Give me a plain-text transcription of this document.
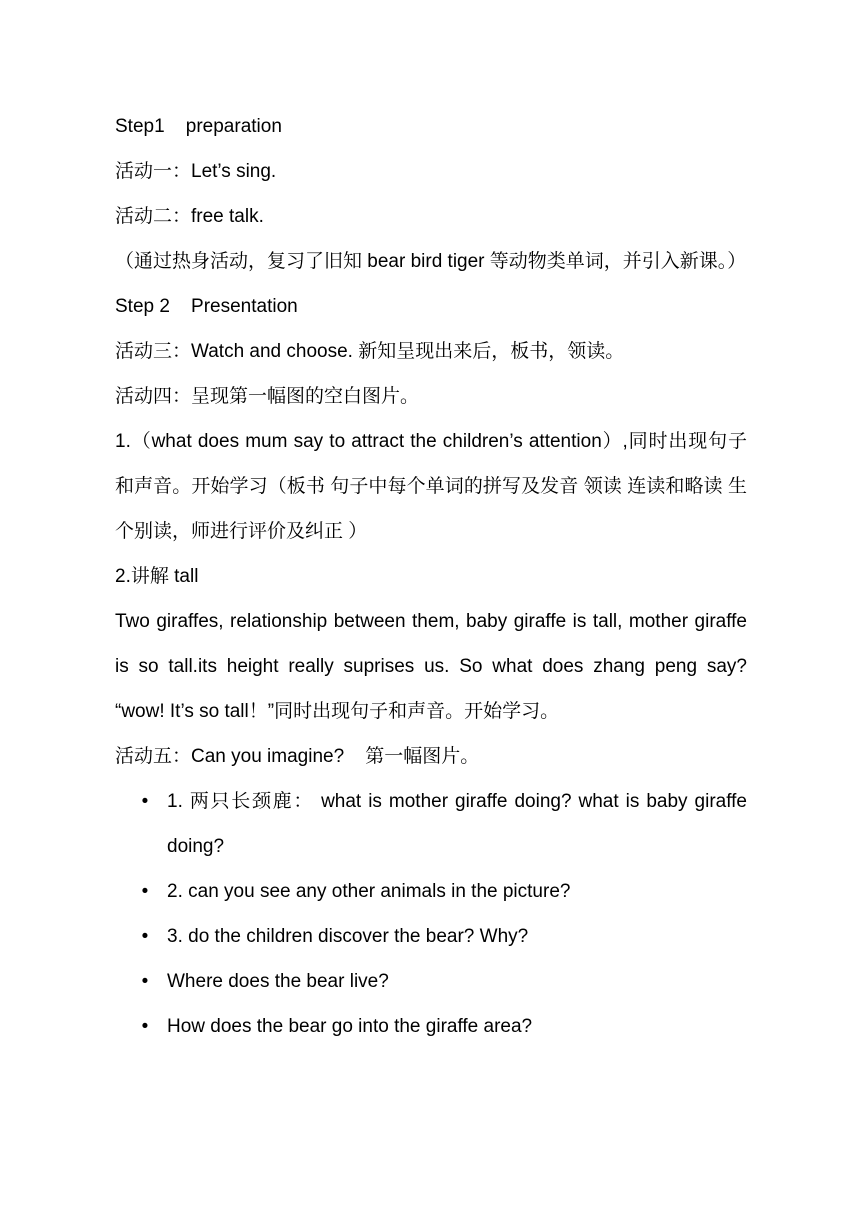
Step1    preparation
活动一：Let’s sing.
活动二：free talk.
（通过热身活动，复习了旧知 bear bird tiger 等动物类单词，并引入新课。）
Step 2    Presentation
活动三：Watch and choose. 新知呈现出来后，板书，领读。
活动四：呈现第一幅图的空白图片。
1.（what does mum say to attract the children’s attention）,同时出现句子和声音。开始学习（板书 句子中每个单词的拼写及发音 领读 连读和略读 生个别读，师进行评价及纠正 ）
2.讲解 tall
Two giraffes, relationship between them, baby giraffe is tall, mother giraffe is so tall.its height really suprises us. So what does zhang peng say? “wow! It’s so tall！”同时出现句子和声音。开始学习。
活动五：Can you imagine?    第一幅图片。
• 1. 两只长颈鹿： what is mother giraffe doing? what is baby giraffe doing?
• 2. can you see any other animals in the picture?
• 3. do the children discover the bear? Why?
• Where does the bear live?
• How does the bear go into the giraffe area?
